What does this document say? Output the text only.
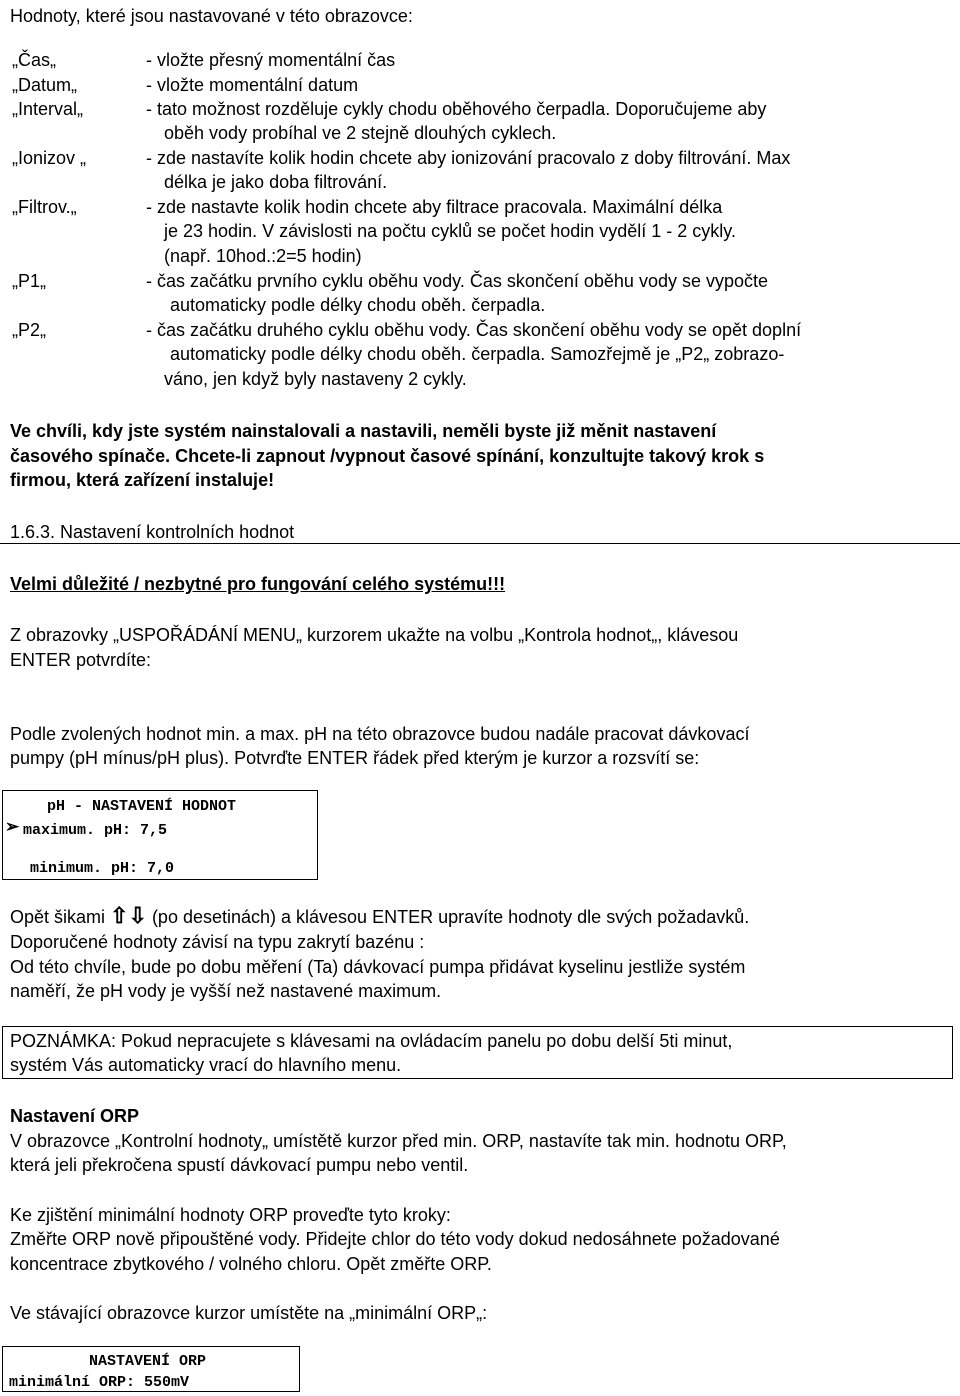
Hodnoty, které jsou nastavované v této obrazovce:
„Čas„	- vložte přesný momentální čas
„Datum„	- vložte momentální datum
„Interval„	- tato možnost rozděluje cykly chodu oběhového čerpadla. Doporučujeme aby
oběh vody probíhal ve 2 stejně dlouhých cyklech.
„Ionizov „	- zde nastavíte kolik hodin chcete aby ionizování pracovalo z doby filtrování. Max
délka je jako doba filtrování.
„Filtrov.„	- zde nastavte kolik hodin chcete aby filtrace pracovala. Maximální délka
je 23 hodin. V závislosti na počtu cyklů se počet hodin vydělí 1 - 2 cykly.
(např. 10hod.:2=5 hodin)
„P1„	- čas začátku prvního cyklu oběhu vody. Čas skončení oběhu vody se vypočte
automaticky podle délky chodu oběh. čerpadla.
„P2„	- čas začátku druhého cyklu oběhu vody. Čas skončení oběhu vody se opět doplní
automaticky podle délky chodu oběh. čerpadla. Samozřejmě je „P2„ zobrazo-
váno, jen když byly nastaveny 2 cykly.
Ve chvíli, kdy jste systém nainstalovali a nastavili, neměli byste již měnit nastavení
časového spínače. Chcete-li zapnout /vypnout časové spínání, konzultujte takový krok s
firmou, která zařízení instaluje!
1.6.3. Nastavení kontrolních hodnot
Velmi důležité / nezbytné pro fungování celého systému!!!
Z obrazovky „USPOŘÁDÁNÍ MENU„ kurzorem ukažte na volbu „Kontrola hodnot„, klávesou
ENTER potvrdíte:
Podle zvolených hodnot min. a max. pH na této obrazovce budou nadále pracovat dávkovací
pumpy (pH mínus/pH plus). Potvrďte ENTER řádek před kterým je kurzor a rozsvítí se:
pH - NASTAVENÍ HODNOT
➢ maximum. pH: 7,5
minimum. pH: 7,0
Opět šikami ⇧⇩ (po desetinách) a klávesou ENTER upravíte hodnoty dle svých požadavků.
Doporučené hodnoty závisí na typu zakrytí bazénu :
Od této chvíle, bude po dobu měření (Ta) dávkovací pumpa přidávat kyselinu jestliže systém
naměří, že pH vody je vyšší než nastavené maximum.
POZNÁMKA: Pokud nepracujete s klávesami na ovládacím panelu po dobu delší 5ti minut,
systém Vás automaticky vrací do hlavního menu.
Nastavení ORP
V obrazovce „Kontrolní hodnoty„ umístětě kurzor před min. ORP, nastavíte tak min. hodnotu ORP,
která jeli překročena spustí dávkovací pumpu nebo ventil.
Ke zjištění minimální hodnoty ORP proveďte tyto kroky:
Změřte ORP nově připouštěné vody. Přidejte chlor do této vody dokud nedosáhnete požadované
koncentrace zbytkového / volného chloru. Opět změřte ORP.
Ve stávající obrazovce kurzor umístěte na „minimální ORP„:
NASTAVENÍ ORP
minimální ORP: 550mV
